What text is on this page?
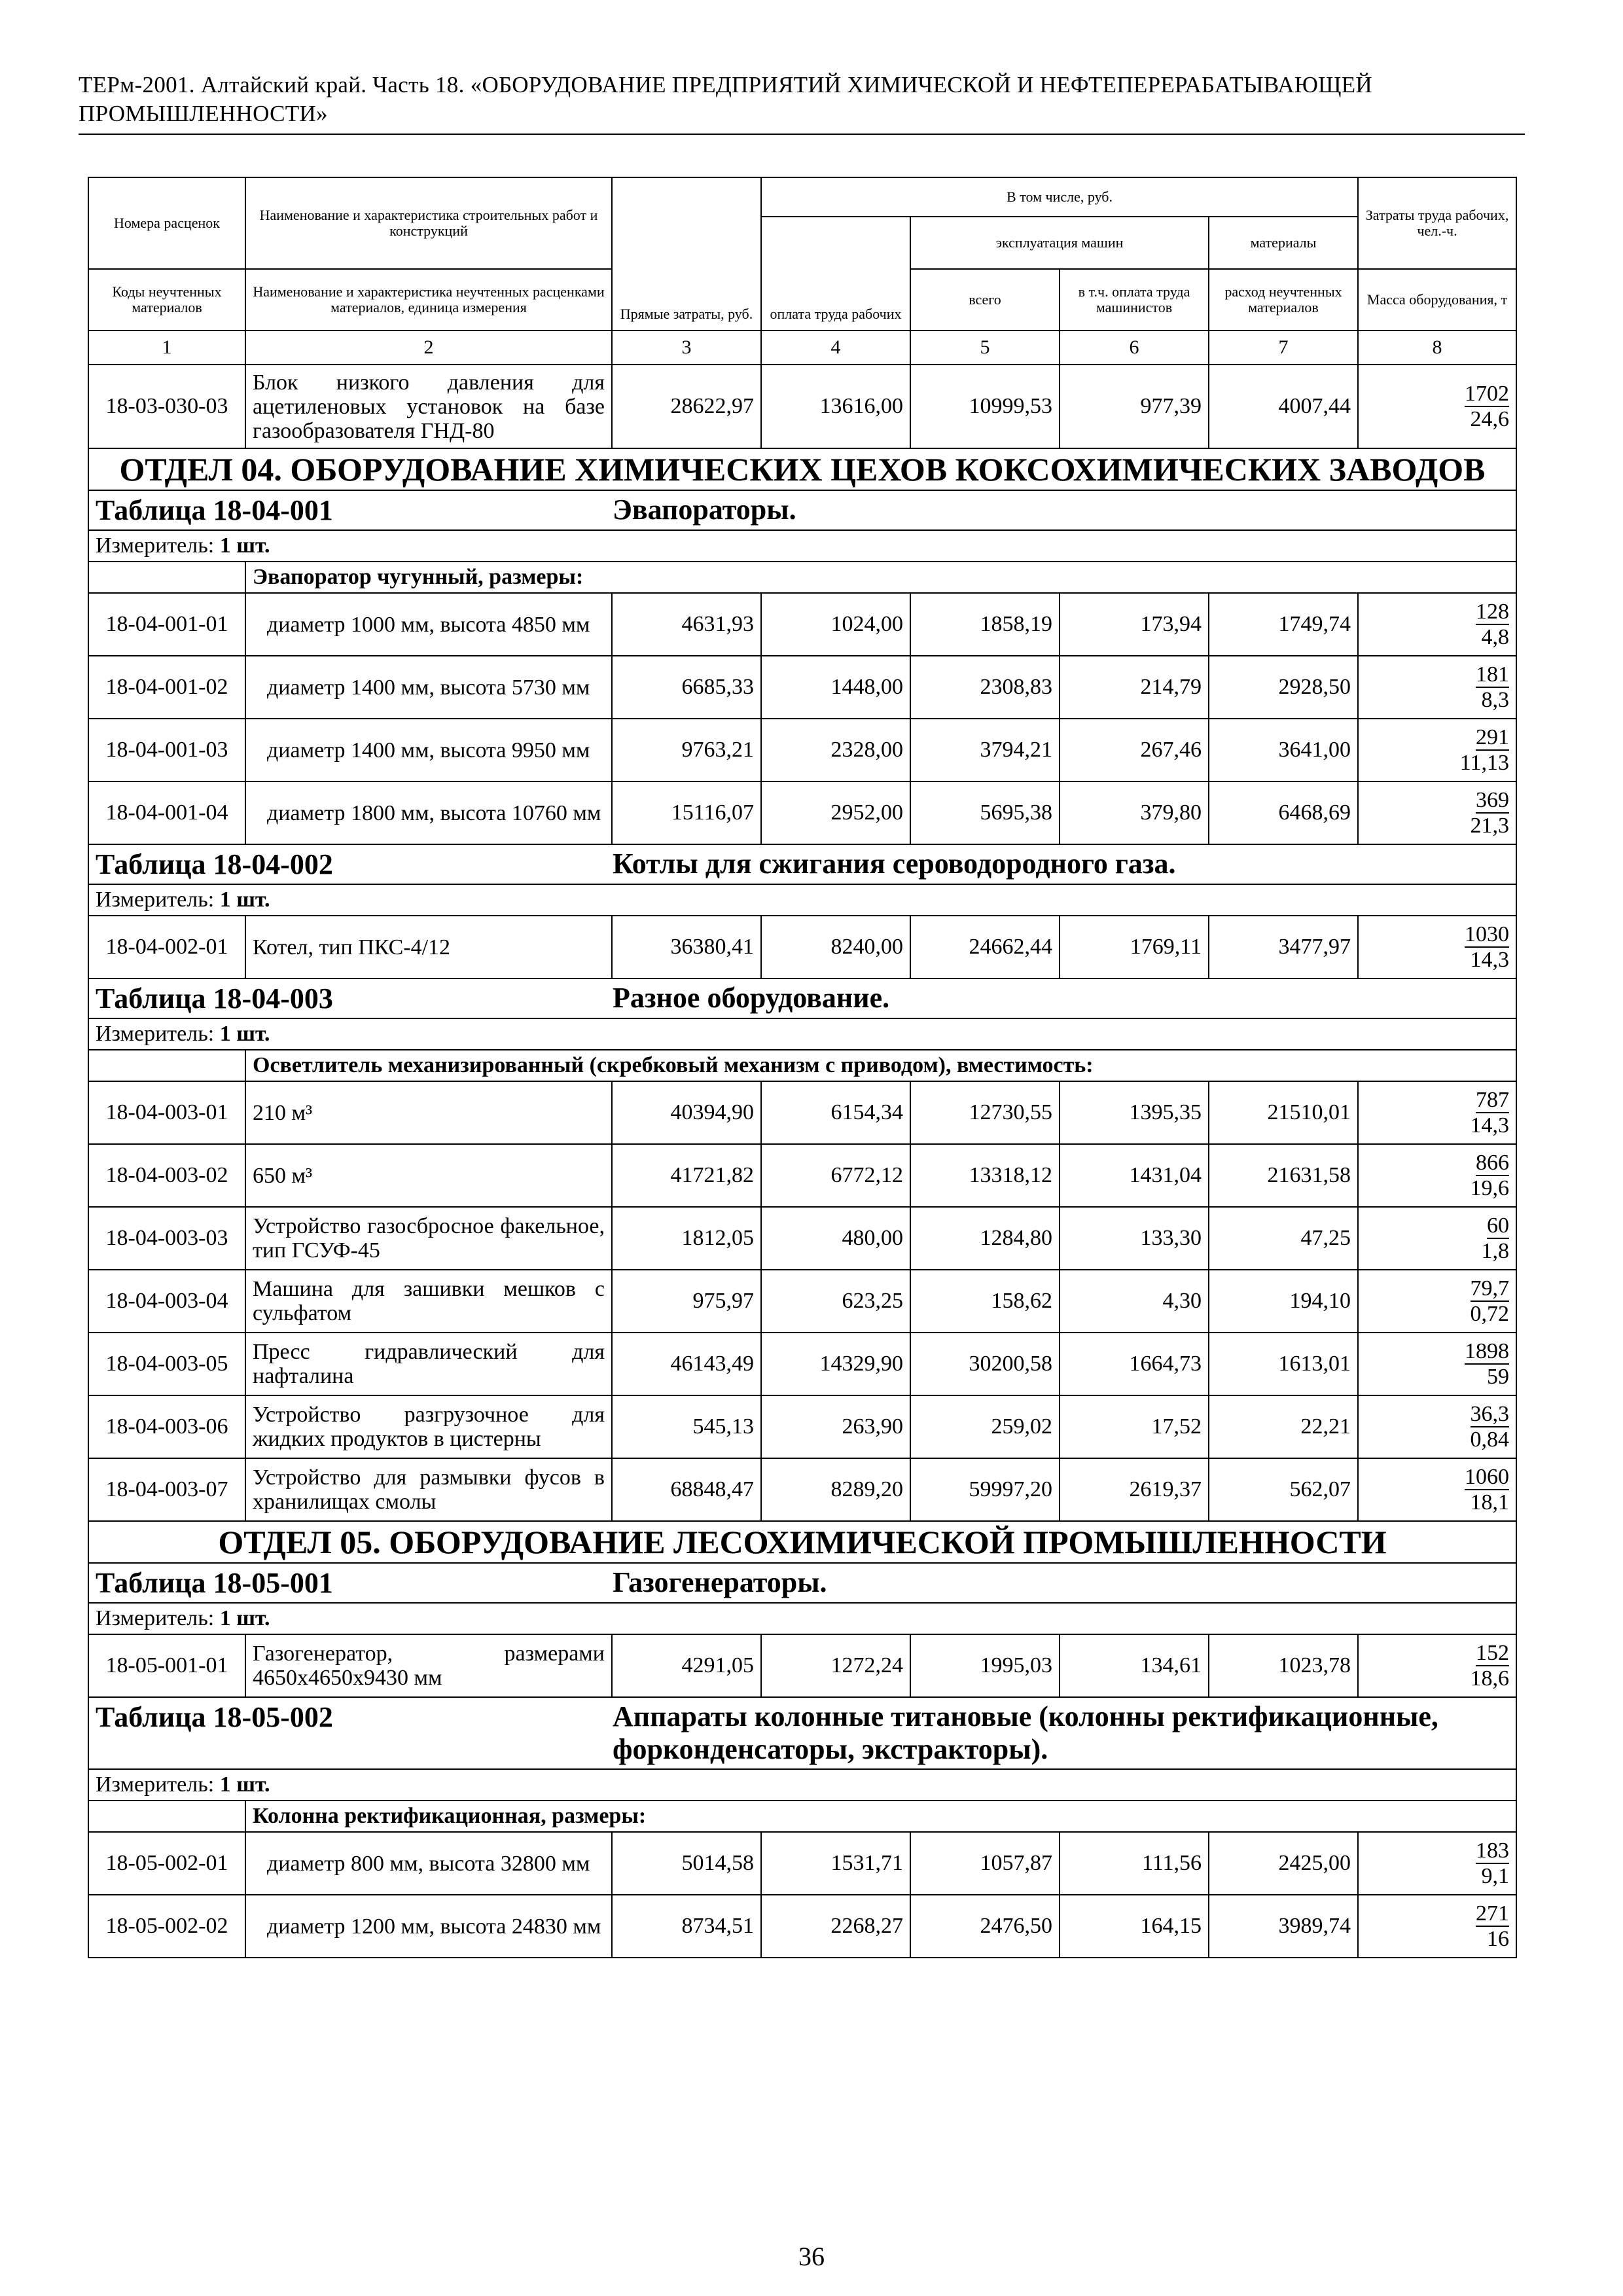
ТЕРм-2001. Алтайский край. Часть 18. «ОБОРУДОВАНИЕ ПРЕДПРИЯТИЙ ХИМИЧЕСКОЙ И НЕФТЕПЕРЕРАБАТЫВАЮЩЕЙ
ПРОМЫШЛЕННОСТИ»
Номера расценок	Наименование и характеристика строительных работ и конструкций	Прямые затраты, руб.	В том числе, руб.				Затраты труда рабочих, чел.-ч.
			оплата труда рабочих	эксплуатация машин		материалы	
Коды неучтенных материалов	Наименование и характеристика неучтенных расценками материалов, единица измерения			всего	в т.ч. оплата труда машинистов	расход неучтенных материалов	Масса оборудования, т
1	2	3	4	5	6	7	8
18-03-030-03	Блок низкого давления для ацетиленовых установок на базе газообразователя ГНД-80	28622,97	13616,00	10999,53	977,39	4007,44	1702
24,6

ОТДЕЛ 04. ОБОРУДОВАНИЕ ХИМИЧЕСКИХ ЦЕХОВ КОКСОХИМИЧЕСКИХ ЗАВОДОВ							
Таблица 18-04-001 Эвапораторы.							
Измеритель: 1 шт.							
	Эвапоратор чугунный, размеры:						
18-04-001-01	диаметр 1000 мм, высота 4850 мм	4631,93	1024,00	1858,19	173,94	1749,74	128
4,8

18-04-001-02	диаметр 1400 мм, высота 5730 мм	6685,33	1448,00	2308,83	214,79	2928,50	181
8,3

18-04-001-03	диаметр 1400 мм, высота 9950 мм	9763,21	2328,00	3794,21	267,46	3641,00	291
11,13

18-04-001-04	диаметр 1800 мм, высота 10760 мм	15116,07	2952,00	5695,38	379,80	6468,69	369
21,3

Таблица 18-04-002 Котлы для сжигания сероводородного газа.							
Измеритель: 1 шт.							
18-04-002-01	Котел, тип ПКС-4/12	36380,41	8240,00	24662,44	1769,11	3477,97	1030
14,3

Таблица 18-04-003 Разное оборудование.							
Измеритель: 1 шт.							
	Осветлитель механизированный (скребковый механизм с приводом), вместимость:						
18-04-003-01	210 м³	40394,90	6154,34	12730,55	1395,35	21510,01	787
14,3

18-04-003-02	650 м³	41721,82	6772,12	13318,12	1431,04	21631,58	866
19,6

18-04-003-03	Устройство газосбросное факельное, тип ГСУФ-45	1812,05	480,00	1284,80	133,30	47,25	60
1,8

18-04-003-04	Машина для зашивки мешков с сульфатом	975,97	623,25	158,62	4,30	194,10	79,7
0,72

18-04-003-05	Пресс гидравлический для нафталина	46143,49	14329,90	30200,58	1664,73	1613,01	1898
59

18-04-003-06	Устройство разгрузочное для жидких продуктов в цистерны	545,13	263,90	259,02	17,52	22,21	36,3
0,84

18-04-003-07	Устройство для размывки фусов в хранилищах смолы	68848,47	8289,20	59997,20	2619,37	562,07	1060
18,1

ОТДЕЛ 05. ОБОРУДОВАНИЕ ЛЕСОХИМИЧЕСКОЙ ПРОМЫШЛЕННОСТИ							
Таблица 18-05-001 Газогенераторы.							
Измеритель: 1 шт.							
18-05-001-01	Газогенератор, размерами 4650х4650х9430 мм	4291,05	1272,24	1995,03	134,61	1023,78	152
18,6

Таблица 18-05-002 Аппараты колонные титановые (колонны ректификационные, форконденсаторы, экстракторы).							
Измеритель: 1 шт.							
	Колонна ректификационная, размеры:						
18-05-002-01	диаметр 800 мм, высота 32800 мм	5014,58	1531,71	1057,87	111,56	2425,00	183
9,1

18-05-002-02	диаметр 1200 мм, высота 24830 мм	8734,51	2268,27	2476,50	164,15	3989,74	271
16
36
